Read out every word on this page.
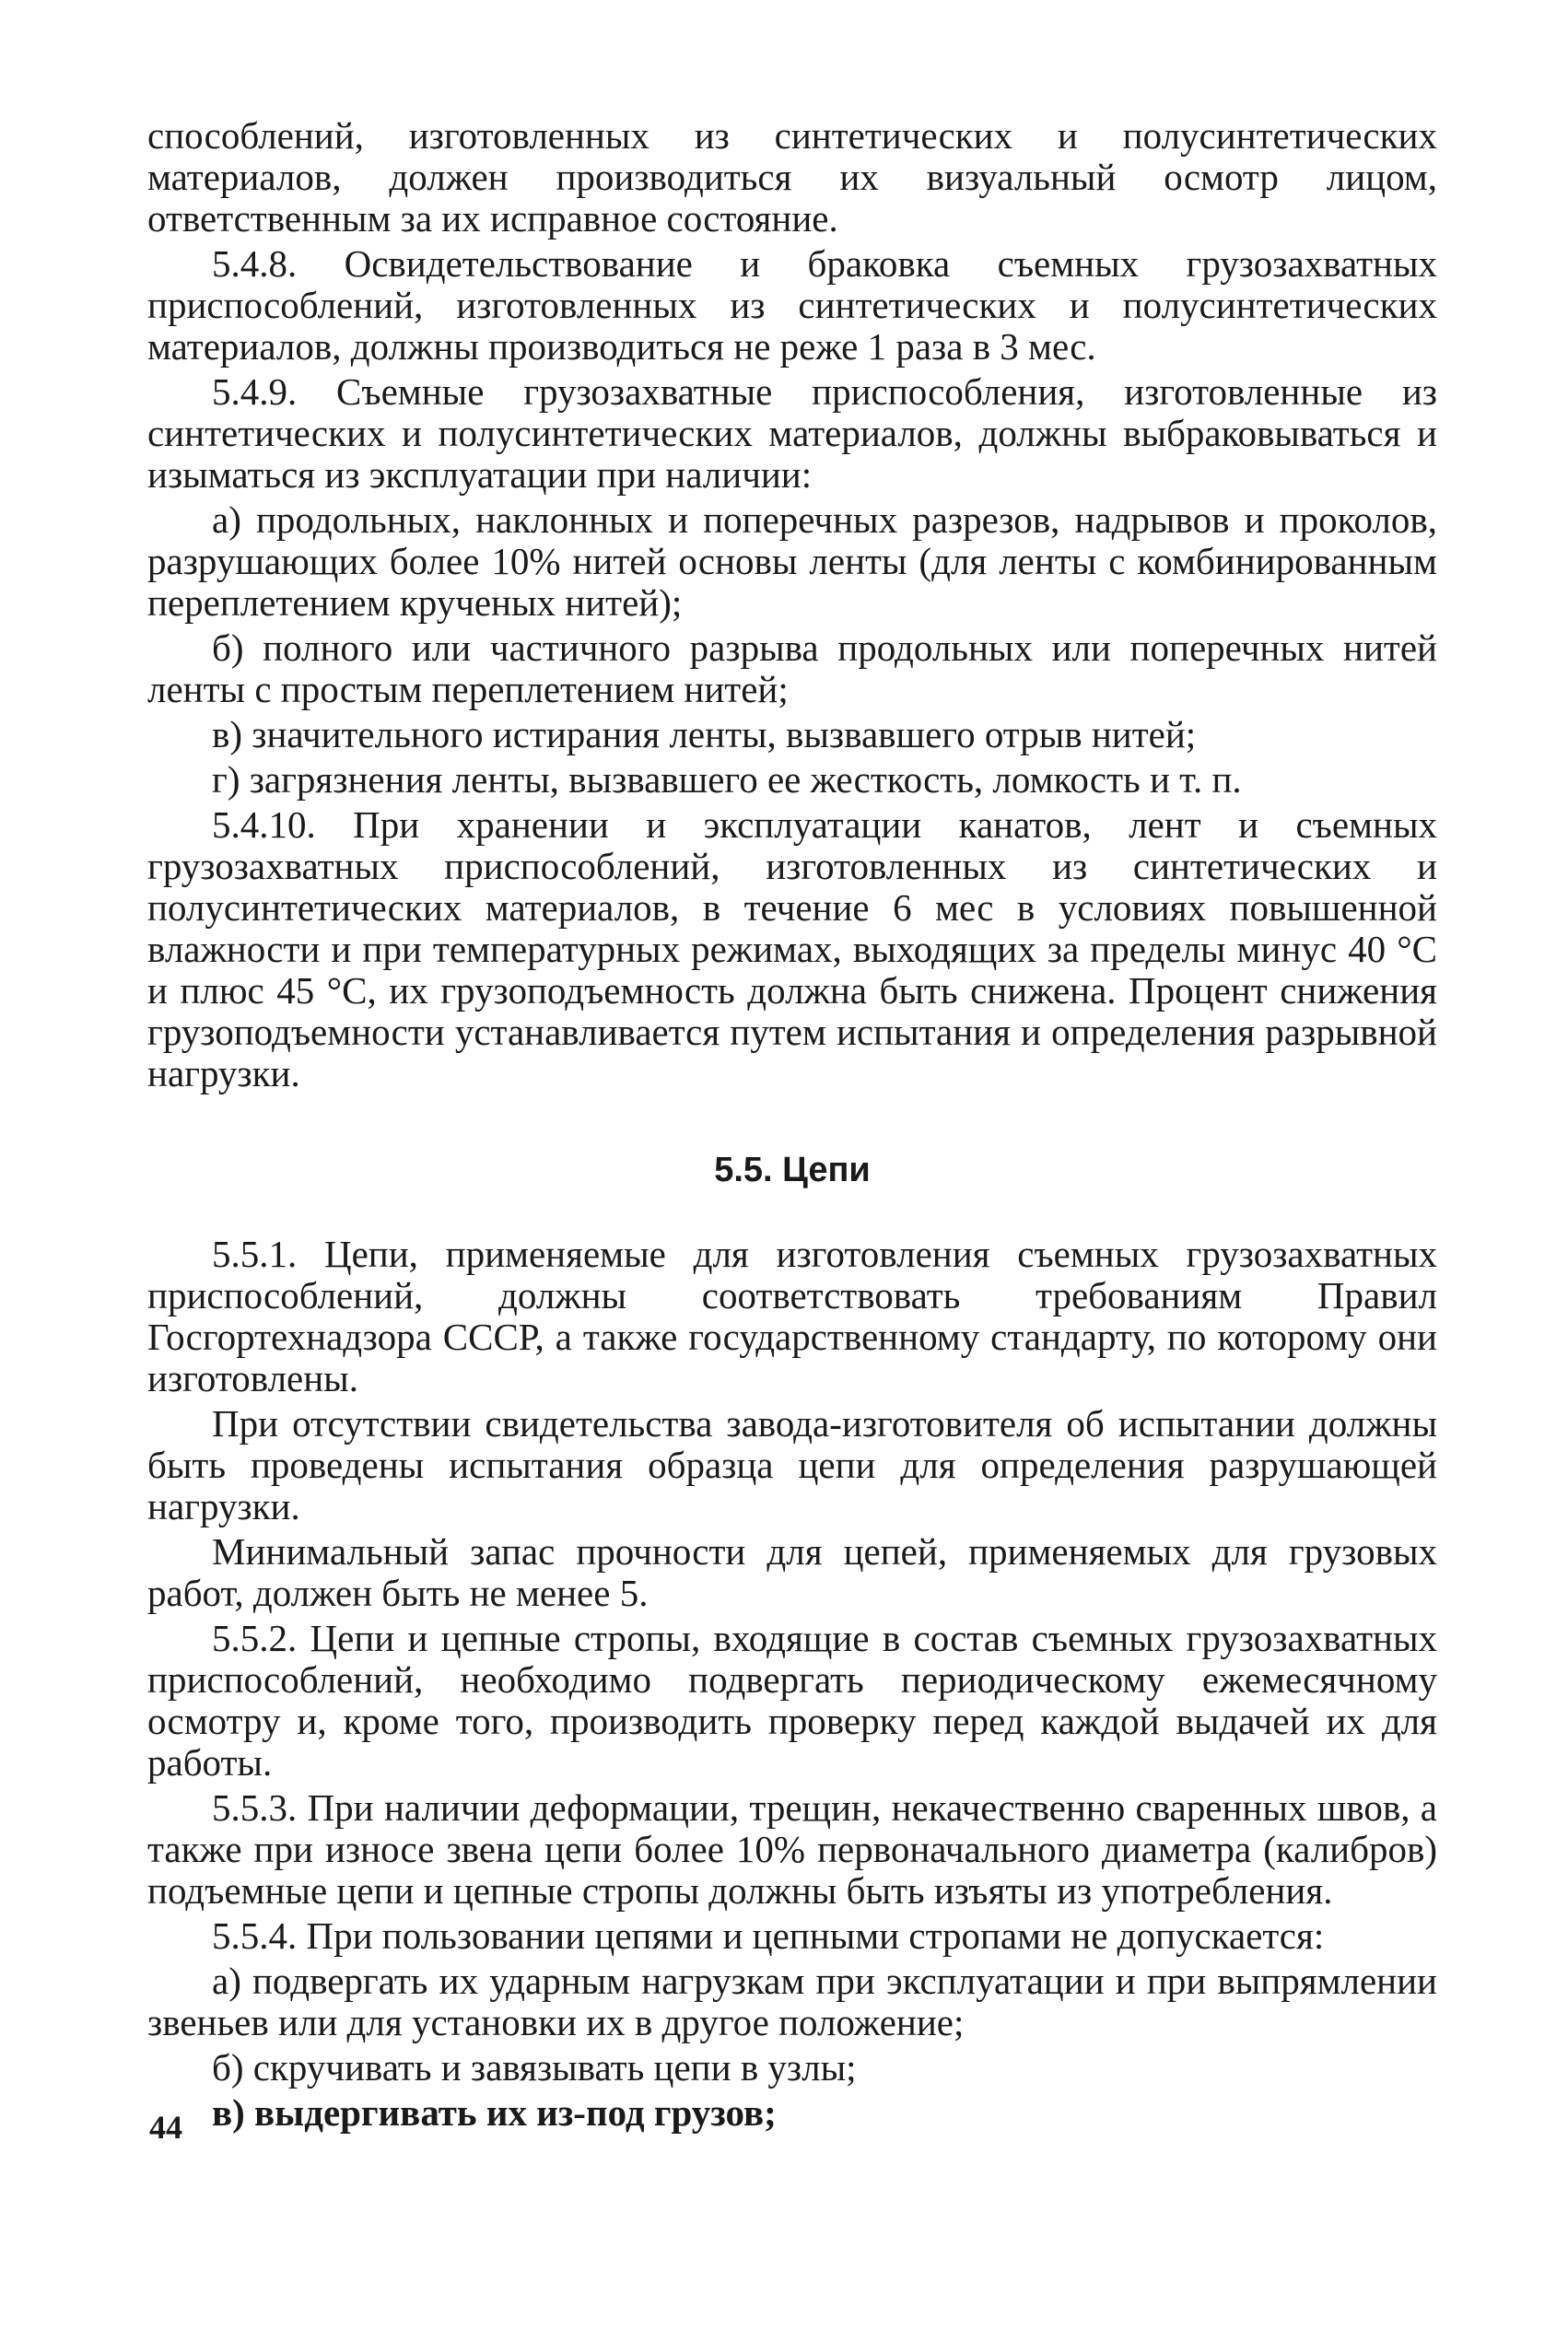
способлений, изготовленных из синтетических и полусинтетических материалов, должен производиться их визуальный осмотр лицом, ответственным за их исправное состояние.

5.4.8. Освидетельствование и браковка съемных грузозахватных приспособлений, изготовленных из синтетических и полусинтетических материалов, должны производиться не реже 1 раза в 3 мес.

5.4.9. Съемные грузозахватные приспособления, изготовленные из синтетических и полусинтетических материалов, должны выбраковываться и изыматься из эксплуатации при наличии:

а) продольных, наклонных и поперечных разрезов, надрывов и проколов, разрушающих более 10% нитей основы ленты (для ленты с комбинированным переплетением крученых нитей);

б) полного или частичного разрыва продольных или поперечных нитей ленты с простым переплетением нитей;

в) значительного истирания ленты, вызвавшего отрыв нитей;

г) загрязнения ленты, вызвавшего ее жесткость, ломкость и т. п.

5.4.10. При хранении и эксплуатации канатов, лент и съемных грузозахватных приспособлений, изготовленных из синтетических и полусинтетических материалов, в течение 6 мес в условиях повышенной влажности и при температурных режимах, выходящих за пределы минус 40 °С и плюс 45 °С, их грузоподъемность должна быть снижена. Процент снижения грузоподъемности устанавливается путем испытания и определения разрывной нагрузки.

5.5. Цепи

5.5.1. Цепи, применяемые для изготовления съемных грузозахватных приспособлений, должны соответствовать требованиям Правил Госгортехнадзора СССР, а также государственному стандарту, по которому они изготовлены.

При отсутствии свидетельства завода-изготовителя об испытании должны быть проведены испытания образца цепи для определения разрушающей нагрузки.

Минимальный запас прочности для цепей, применяемых для грузовых работ, должен быть не менее 5.

5.5.2. Цепи и цепные стропы, входящие в состав съемных грузозахватных приспособлений, необходимо подвергать периодическому ежемесячному осмотру и, кроме того, производить проверку перед каждой выдачей их для работы.

5.5.3. При наличии деформации, трещин, некачественно сваренных швов, а также при износе звена цепи более 10% первоначального диаметра (калибров) подъемные цепи и цепные стропы должны быть изъяты из употребления.

5.5.4. При пользовании цепями и цепными стропами не допускается:

а) подвергать их ударным нагрузкам при эксплуатации и при выпрямлении звеньев или для установки их в другое положение;

б) скручивать и завязывать цепи в узлы;

в) выдергивать их из-под грузов;

44
